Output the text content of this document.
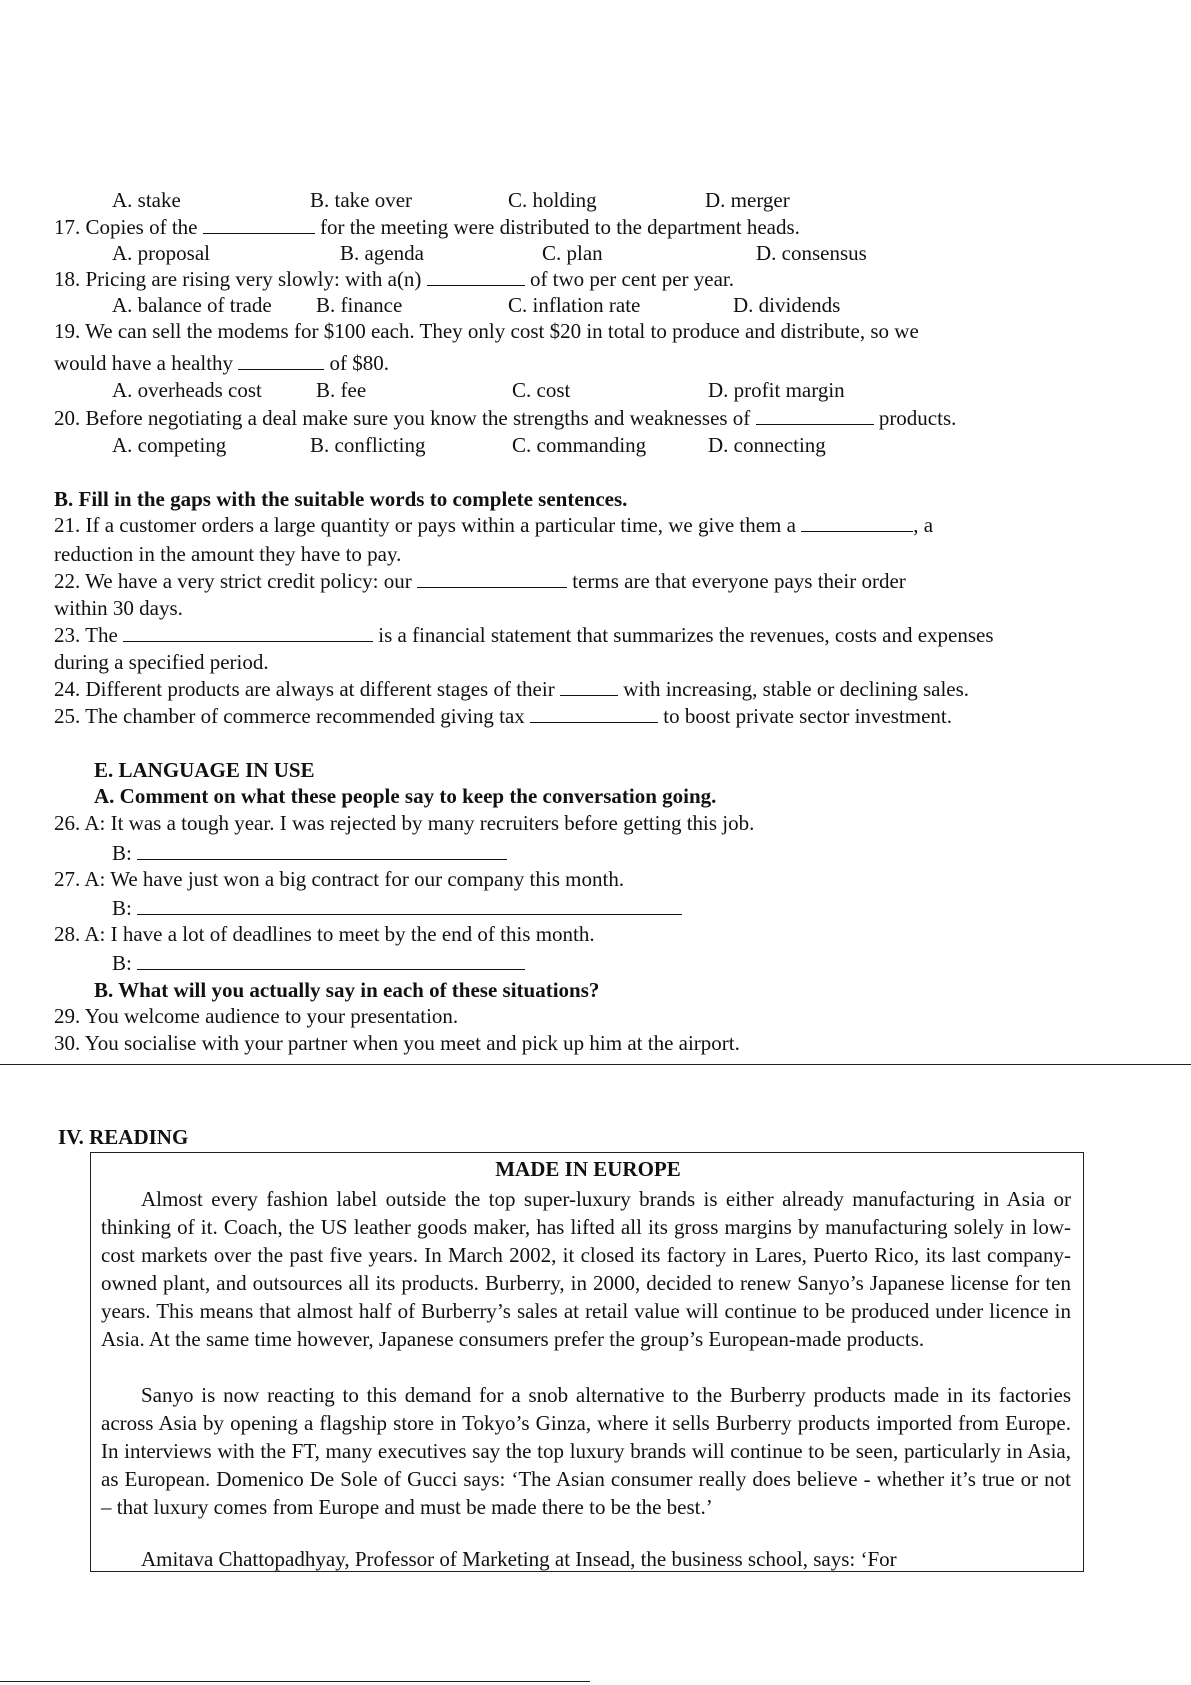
A. stake	B. take over	C. holding	D. merger
17. Copies of the	for the meeting were distributed to the department heads.
A. proposal	B. agenda	C. plan	D. consensus
18. Pricing are rising very slowly: with a(n)	of two per cent per year.
A. balance of trade B. finance	C. inflation rate	D. dividends
19. We can sell the modems for $100 each. They only cost $20 in total to produce and distribute, so we
would have a healthy	of $80.
A. overheads cost	B. fee	C. cost	D. profit margin
20. Before negotiating a deal make sure you know the strengths and weaknesses of	products.
A. competing	B. conflicting	C. commanding	D. connecting
B. Fill in the gaps with the suitable words to complete sentences.
21. If a customer orders a large quantity or pays within a particular time, we give them a	, a
reduction in the amount they have to pay.
22. We have a very strict credit policy: our	terms are that everyone pays their order
within 30 days.
23. The	is a financial statement that summarizes the revenues, costs and expenses
during a specified period.
24. Different products are always at different stages of their	with increasing, stable or declining sales.
25. The chamber of commerce recommended giving tax	to boost private sector investment.
E. LANGUAGE IN USE
A. Comment on what these people say to keep the conversation going.
26. A: It was a tough year. I was rejected by many recruiters before getting this job.
B:
27. A: We have just won a big contract for our company this month.
B:
28. A: I have a lot of deadlines to meet by the end of this month.
B:
B. What will you actually say in each of these situations?
29. You welcome audience to your presentation.
30. You socialise with your partner when you meet and pick up him at the airport.
IV. READING
MADE IN EUROPE
Almost every fashion label outside the top super-luxury brands is either already manufacturing in Asia or thinking of it. Coach, the US leather goods maker, has lifted all its gross margins by manufacturing solely in low-cost markets over the past five years. In March 2002, it closed its factory in Lares, Puerto Rico, its last company-owned plant, and outsources all its products. Burberry, in 2000, decided to renew Sanyo’s Japanese license for ten years. This means that almost half of Burberry’s sales at retail value will continue to be produced under licence in Asia. At the same time however, Japanese consumers prefer the group’s European-made products.
Sanyo is now reacting to this demand for a snob alternative to the Burberry products made in its factories across Asia by opening a flagship store in Tokyo’s Ginza, where it sells Burberry products imported from Europe. In interviews with the FT, many executives say the top luxury brands will continue to be seen, particularly in Asia, as European. Domenico De Sole of Gucci says: ‘The Asian consumer really does believe - whether it’s true or not – that luxury comes from Europe and must be made there to be the best.’
Amitava Chattopadhyay, Professor of Marketing at Insead, the business school, says: ‘For
